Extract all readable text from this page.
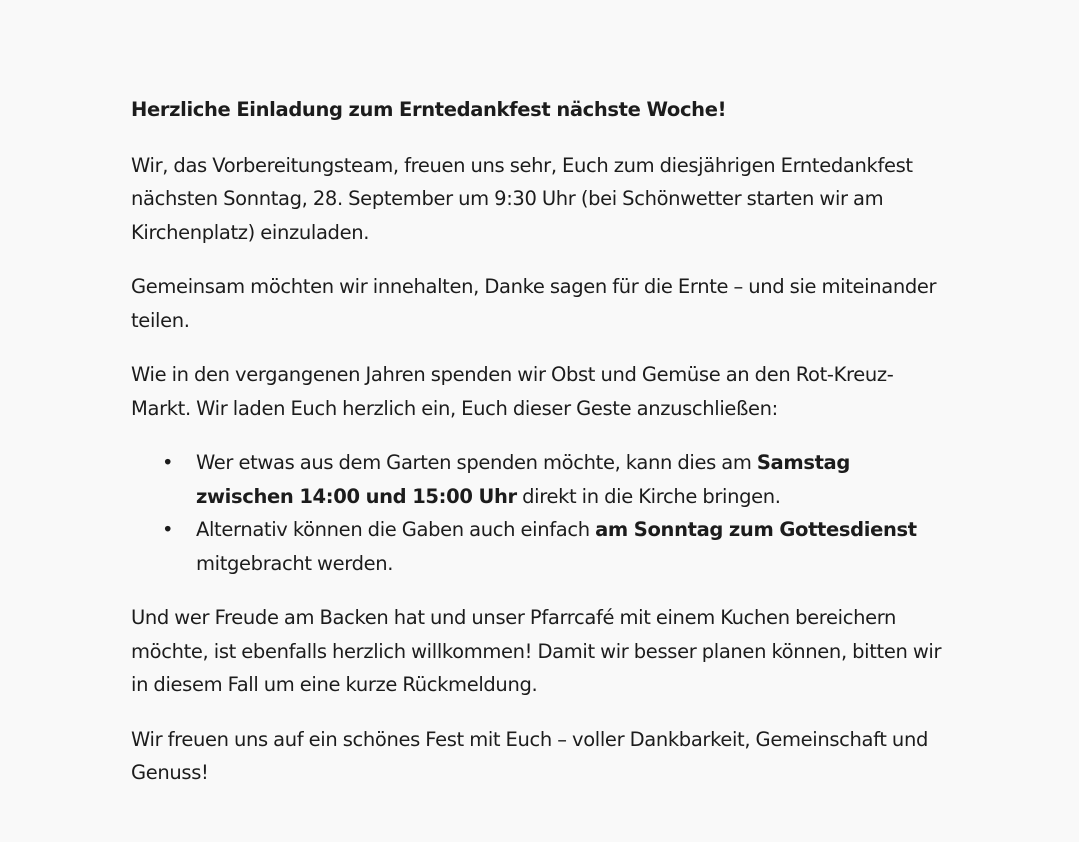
Herzliche Einladung zum Erntedankfest nächste Woche!

Wir, das Vorbereitungsteam, freuen uns sehr, Euch zum diesjährigen Erntedankfest nächsten Sonntag, 28. September um 9:30 Uhr (bei Schönwetter starten wir am Kirchenplatz) einzuladen.

Gemeinsam möchten wir innehalten, Danke sagen für die Ernte – und sie miteinander teilen.

Wie in den vergangenen Jahren spenden wir Obst und Gemüse an den Rot-Kreuz-Markt. Wir laden Euch herzlich ein, Euch dieser Geste anzuschließen:

• Wer etwas aus dem Garten spenden möchte, kann dies am Samstag zwischen 14:00 und 15:00 Uhr direkt in die Kirche bringen.
• Alternativ können die Gaben auch einfach am Sonntag zum Gottesdienst mitgebracht werden.

Und wer Freude am Backen hat und unser Pfarrcafé mit einem Kuchen bereichern möchte, ist ebenfalls herzlich willkommen! Damit wir besser planen können, bitten wir in diesem Fall um eine kurze Rückmeldung.

Wir freuen uns auf ein schönes Fest mit Euch – voller Dankbarkeit, Gemeinschaft und Genuss!
